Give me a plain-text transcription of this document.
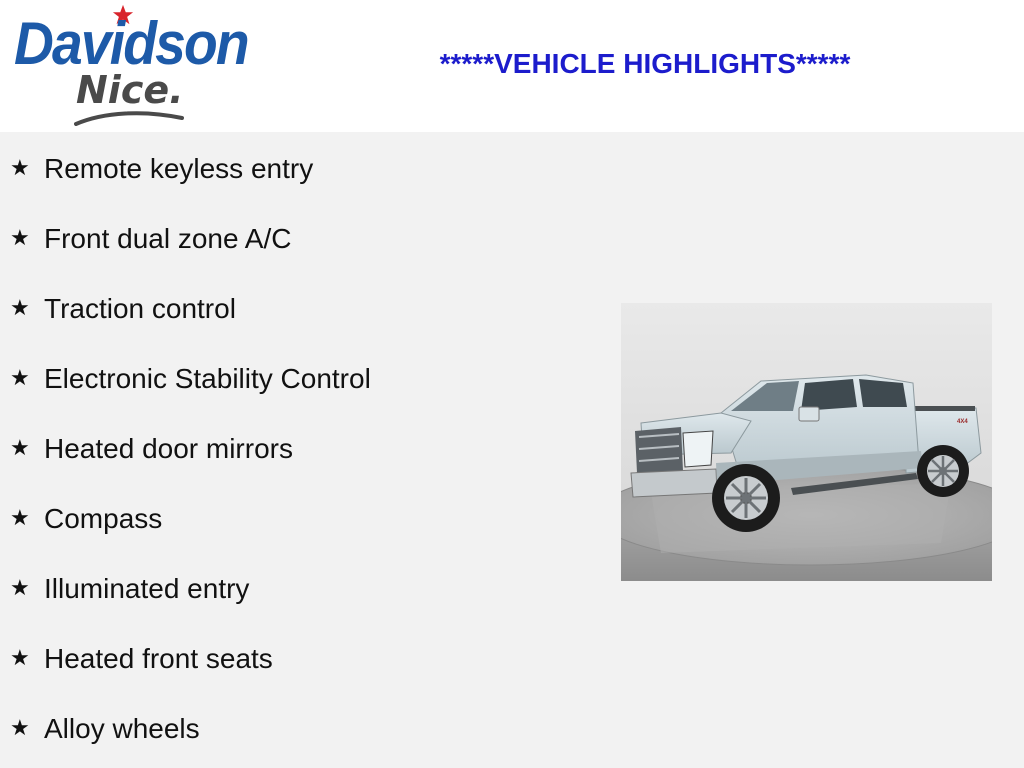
Davidson
Nice.
*****VEHICLE HIGHLIGHTS*****
★ Remote keyless entry
★ Front dual zone A/C
★ Traction control
★ Electronic Stability Control
★ Heated door mirrors
★ Compass
★ Illuminated entry
★ Heated front seats
★ Alloy wheels
4X4
